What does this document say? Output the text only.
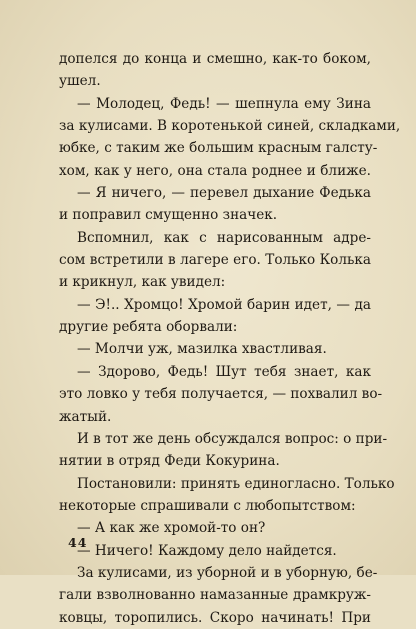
допелся до конца и смешно, как-то боком,
ушел.
— Молодец, Федь! — шепнула ему Зина
за кулисами. В коротенькой синей, складками,
юбке, с таким же большим красным галсту-
хом, как у него, она стала роднее и ближе.
— Я ничего, — перевел дыхание Федька
и поправил смущенно значек.
Вспомнил, как с нарисованным адре-
сом встретили в лагере его. Только Колька
и крикнул, как увидел:
— Э!.. Хромцо! Хромой барин идет, — да
другие ребята оборвали:
— Молчи уж, мазилка хвастливая.
— Здорово, Федь! Шут тебя знает, как
это ловко у тебя получается, — похвалил во-
жатый.
И в тот же день обсуждался вопрос: о при-
нятии в отряд Феди Кокурина.
Постановили: принять единогласно. Только
некоторые спрашивали с любопытством:
— А как же хромой-то он?
— Ничего! Каждому дело найдется.
За кулисами, из уборной и в уборную, бе-
гали взволнованно намазанные драмкруж-
ковцы, торопились. Скоро начинать! При
44
